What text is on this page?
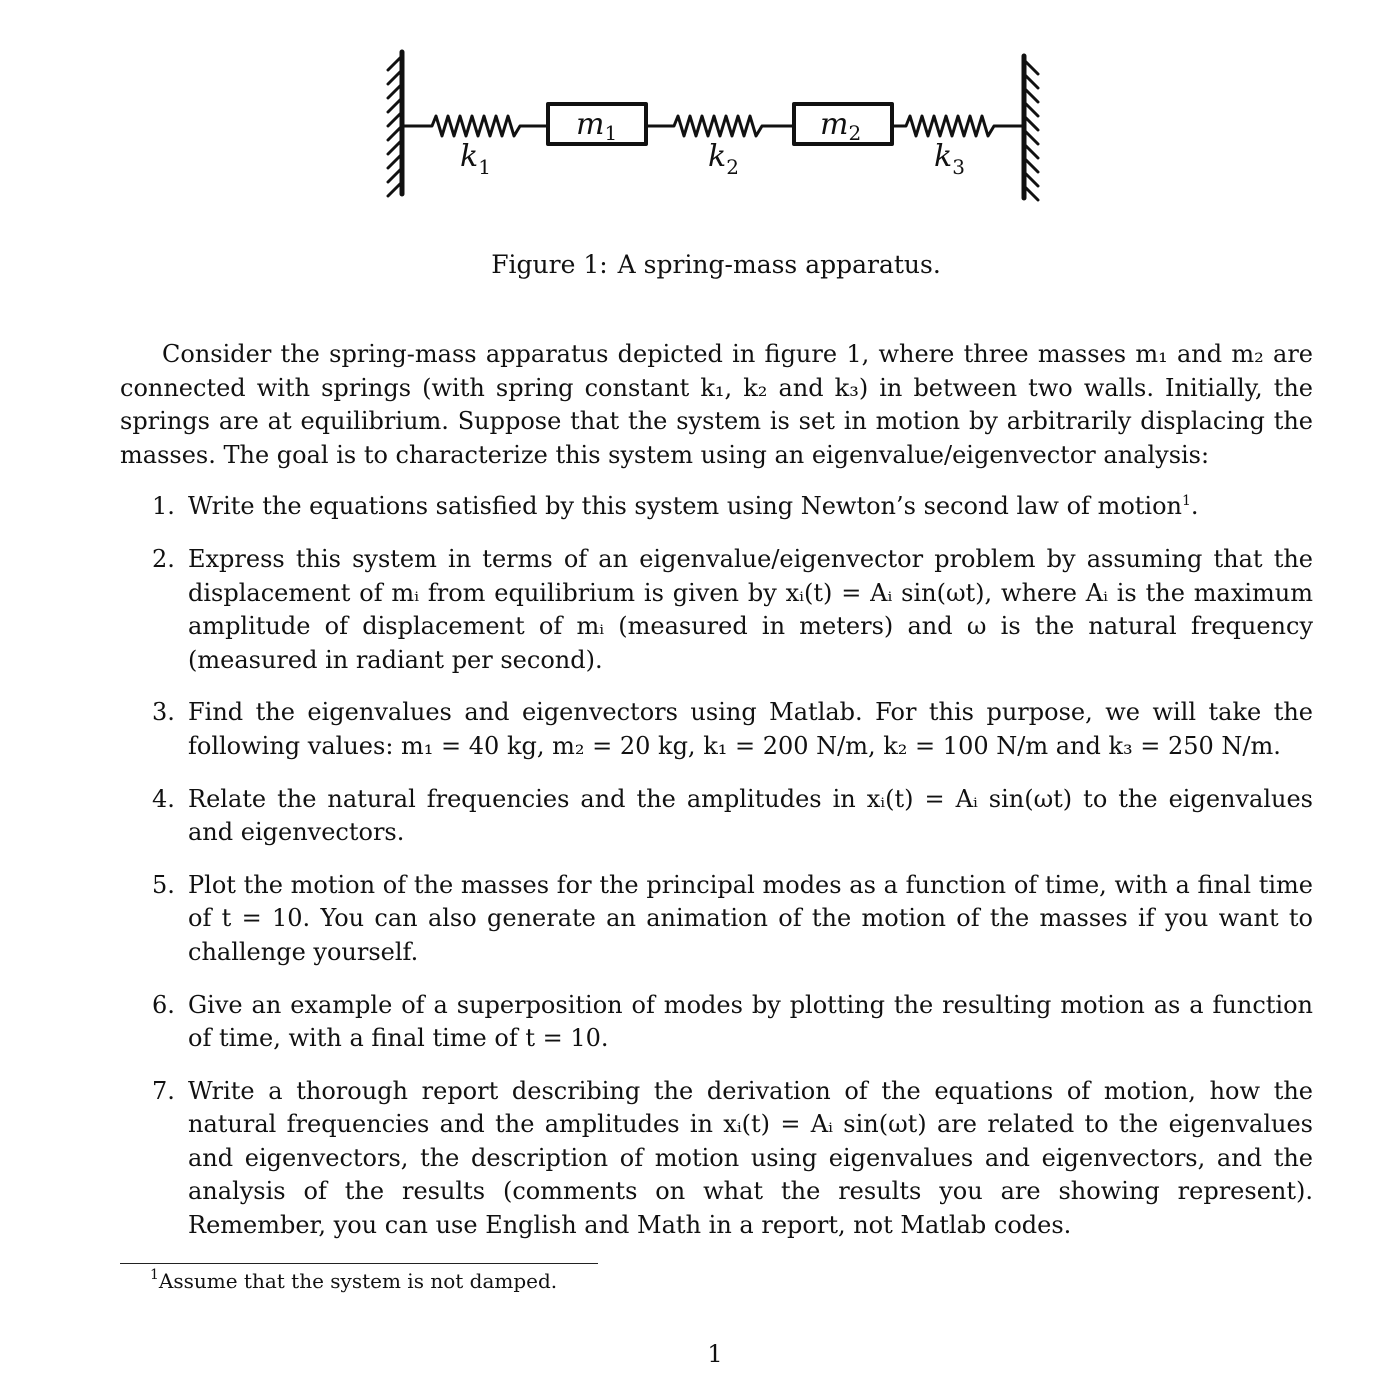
$m_1$	$m_2$
$k_1$	$k_2$	$k_3$
Figure 1: A spring-mass apparatus.

Consider the spring-mass apparatus depicted in figure 1, where three masses m₁ and m₂ are connected with springs (with spring constant k₁, k₂ and k₃) in between two walls. Initially, the springs are at equilibrium. Suppose that the system is set in motion by arbitrarily displacing the masses. The goal is to characterize this system using an eigenvalue/eigenvector analysis:

1. Write the equations satisfied by this system using Newton’s second law of motion$^1$.
2. Express this system in terms of an eigenvalue/eigenvector problem by assuming that the displacement of mᵢ from equilibrium is given by xᵢ(t) = Aᵢ sin(ωt), where Aᵢ is the maximum amplitude of displacement of mᵢ (measured in meters) and ω is the natural frequency (measured in radiant per second).
3. Find the eigenvalues and eigenvectors using Matlab. For this purpose, we will take the following values: m₁ = 40 kg, m₂ = 20 kg, k₁ = 200 N/m, k₂ = 100 N/m and k₃ = 250 N/m.
4. Relate the natural frequencies and the amplitudes in xᵢ(t) = Aᵢ sin(ωt) to the eigenvalues and eigenvectors.
5. Plot the motion of the masses for the principal modes as a function of time, with a final time of t = 10. You can also generate an animation of the motion of the masses if you want to challenge yourself.
6. Give an example of a superposition of modes by plotting the resulting motion as a function of time, with a final time of t = 10.
7. Write a thorough report describing the derivation of the equations of motion, how the natural frequencies and the amplitudes in xᵢ(t) = Aᵢ sin(ωt) are related to the eigenvalues and eigenvectors, the description of motion using eigenvalues and eigenvectors, and the analysis of the results (comments on what the results you are showing represent). Remember, you can use English and Math in a report, not Matlab codes.
$^1$Assume that the system is not damped.
1
